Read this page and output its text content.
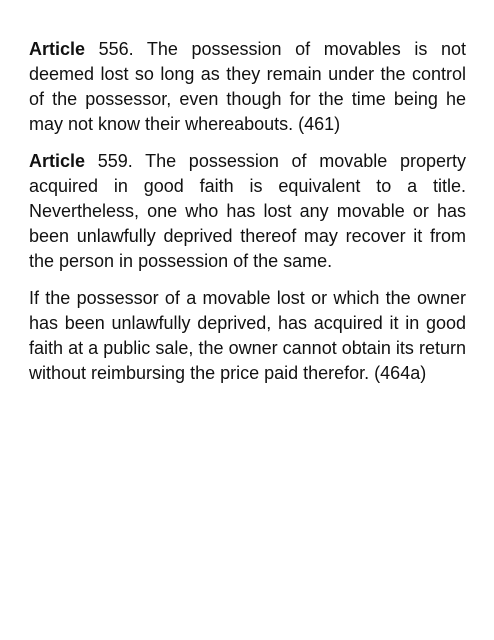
Article 556. The possession of movables is not deemed lost so long as they remain under the control of the possessor, even though for the time being he may not know their whereabouts. (461)

Article 559. The possession of movable property acquired in good faith is equivalent to a title. Nevertheless, one who has lost any movable or has been unlawfully deprived thereof may recover it from the person in possession of the same.

If the possessor of a movable lost or which the owner has been unlawfully deprived, has acquired it in good faith at a public sale, the owner cannot obtain its return without reimbursing the price paid therefor. (464a)
